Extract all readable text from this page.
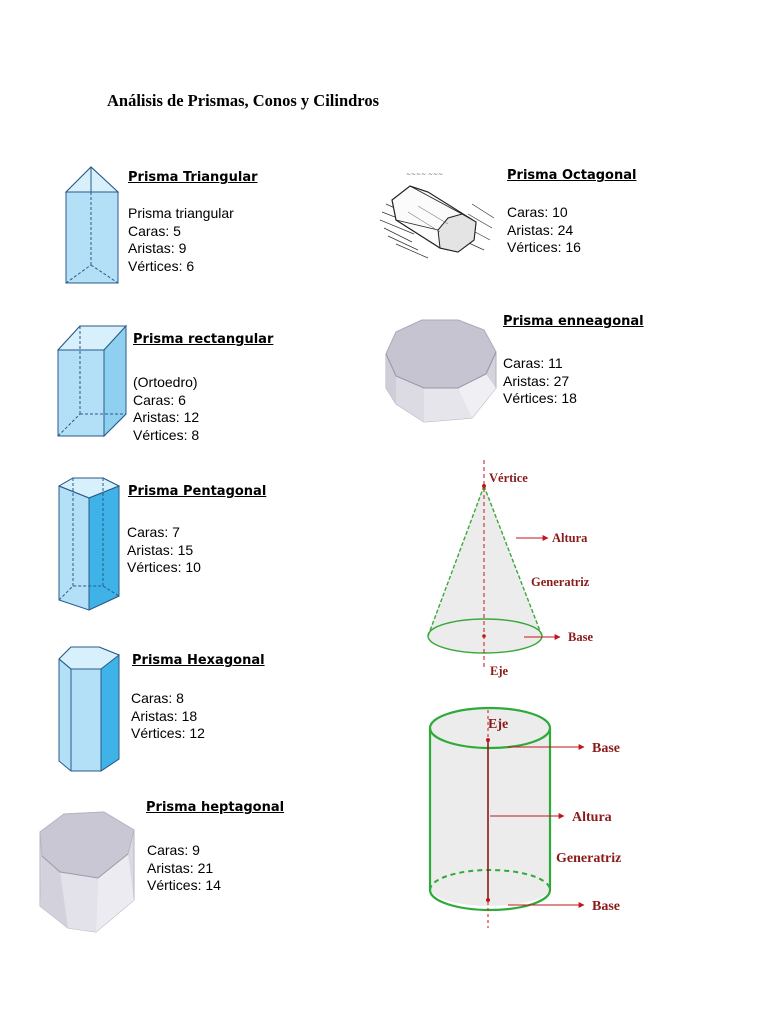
Análisis de Prismas, Conos y Cilindros
Prisma Triangular
Prisma triangular
Caras: 5
Aristas: 9
Vértices: 6
Prisma rectangular
(Ortoedro)
Caras: 6
Aristas: 12
Vértices: 8
Prisma Pentagonal
Caras: 7
Aristas: 15
Vértices: 10
Prisma Hexagonal
Caras: 8
Aristas: 18
Vértices: 12
Prisma heptagonal
Caras: 9
Aristas: 21
Vértices: 14
~~~~ ~~~	Prisma Octagonal
Caras: 10
Aristas: 24
Vértices: 16
Prisma enneagonal
Caras: 11
Aristas: 27
Vértices: 18
Vértice
Altura
Generatriz
Base
Eje
Eje
Base
Altura
Generatriz
Base
